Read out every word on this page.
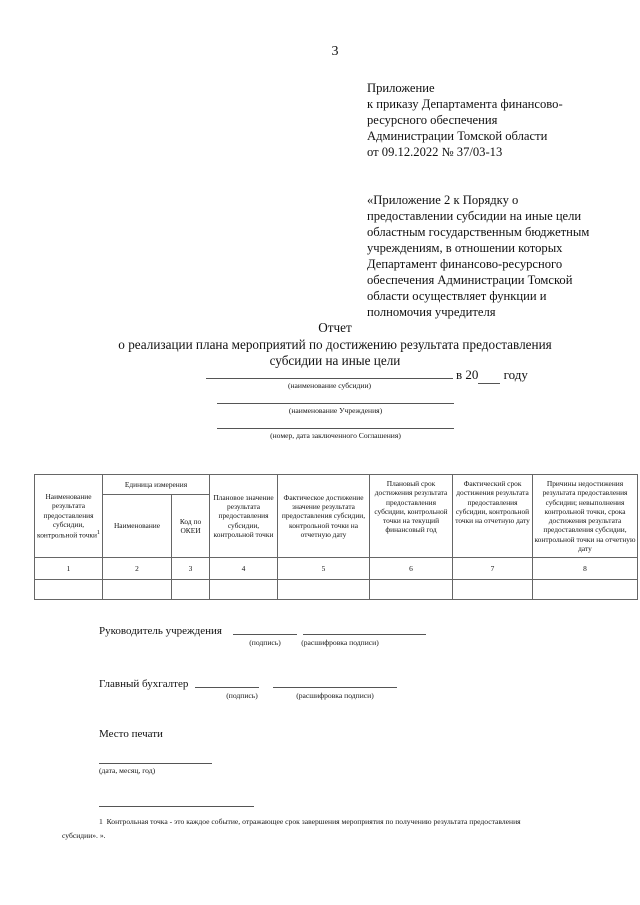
3
Приложение
к приказу Департамента финансово-
ресурсного обеспечения
Администрации Томской области
от 09.12.2022 № 37/03-13
«Приложение 2 к Порядку о
предоставлении субсидии на иные цели
областным государственным бюджетным
учреждениям, в отношении которых
Департамент финансово-ресурсного
обеспечения Администрации Томской
области осуществляет функции и
полномочия учредителя
Отчет
о реализации плана мероприятий по достижению результата предоставления
субсидии на иные цели
в 20 году
(наименование субсидии)
(наименование Учреждения)
(номер, дата заключенного Соглашения)
Наименование результата предоставления субсидии, контрольной точки$^1$	Единица измерения		Плановое значение результата предоставления субсидии, контрольной точки	Фактическое достижение значение результата предоставления субсидии, контрольной точки на отчетную дату	Плановый срок достижения результата предоставления субсидии, контрольной точки на текущий финансовый год	Фактический срок достижения результата предоставления субсидии, контрольной точки на отчетную дату	Причины недостижения результата предоставления субсидии; невыполнения контрольной точки, срока достижения результата предоставления субсидии, контрольной точки на отчетную дату
	Наименование	Код по ОКЕИ					
1	2	3	4	5	6	7	8

Руководитель учреждения
(подпись)	(расшифровка подписи)
Главный бухгалтер
(подпись)	(расшифровка подписи)
Место печати
(дата, месяц, год)
1 Контрольная точка - это каждое событие, отражающее срок завершения мероприятия по получению результата предоставления
субсидии». ».
